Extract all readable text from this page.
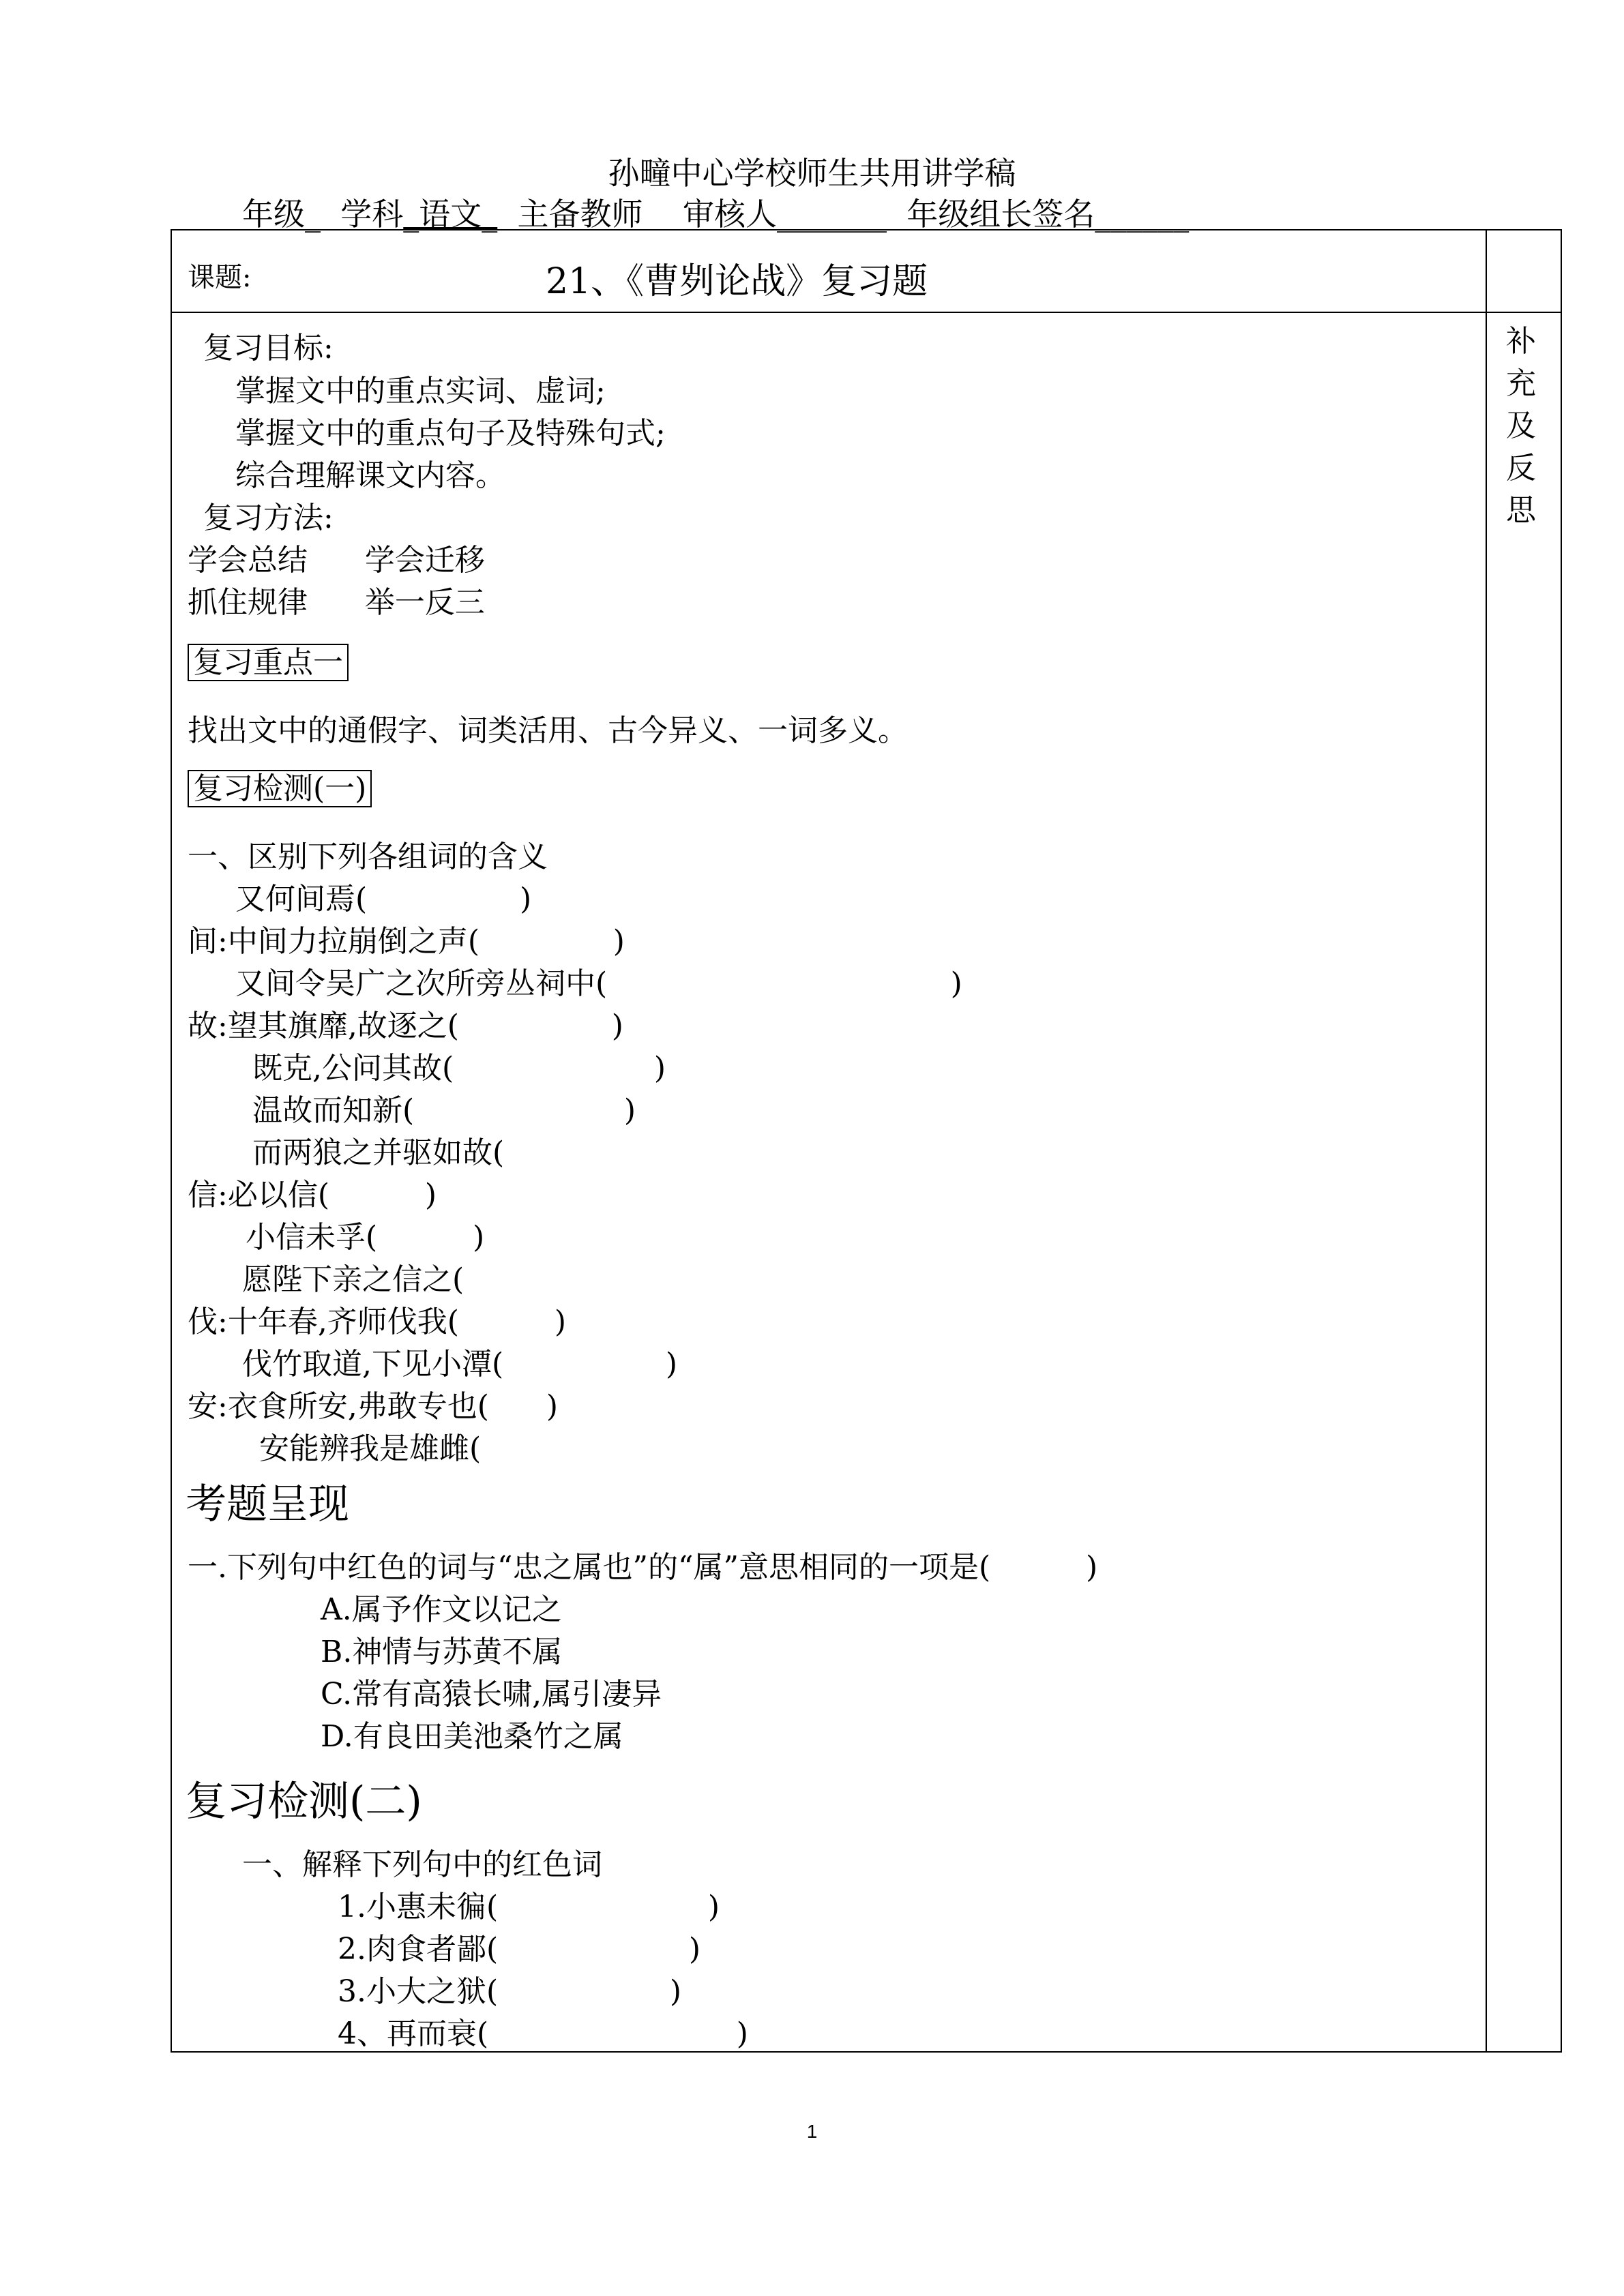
孙疃中心学校师生共用讲学稿
年级_ 学科_语文_ 主备教师 审核人_______ 年级组长签名______
课题:	21、《曹刿论战》复习题
补充及反思
复习目标:
掌握文中的重点实词、虚词;
掌握文中的重点句子及特殊句式;
综合理解课文内容。
复习方法:
学会总结      学会迁移
抓住规律      举一反三
复习重点一
找出文中的通假字、词类活用、古今异义、一词多义。
复习检测(一)
一、区别下列各组词的含义
又何间焉(                )
间:中间力拉崩倒之声(              )
又间令吴广之次所旁丛祠中(                                    )
故:望其旗靡,故逐之(                )
既克,公问其故(                     )
温故而知新(                      )
而两狼之并驱如故(
信:必以信(          )
小信未孚(          )
愿陛下亲之信之(
伐:十年春,齐师伐我(          )
伐竹取道,下见小潭(                 )
安:衣食所安,弗敢专也(      )
安能辨我是雄雌(
考题呈现
一.下列句中红色的词与“忠之属也”的“属”意思相同的一项是(          )
A.属予作文以记之
B.神情与苏黄不属
C.常有高猿长啸,属引凄异
D.有良田美池桑竹之属
复习检测(二)
一、解释下列句中的红色词
1.小惠未徧(                      )
2.肉食者鄙(                    )
3.小大之狱(                  )
4、再而衰(                          )
1
